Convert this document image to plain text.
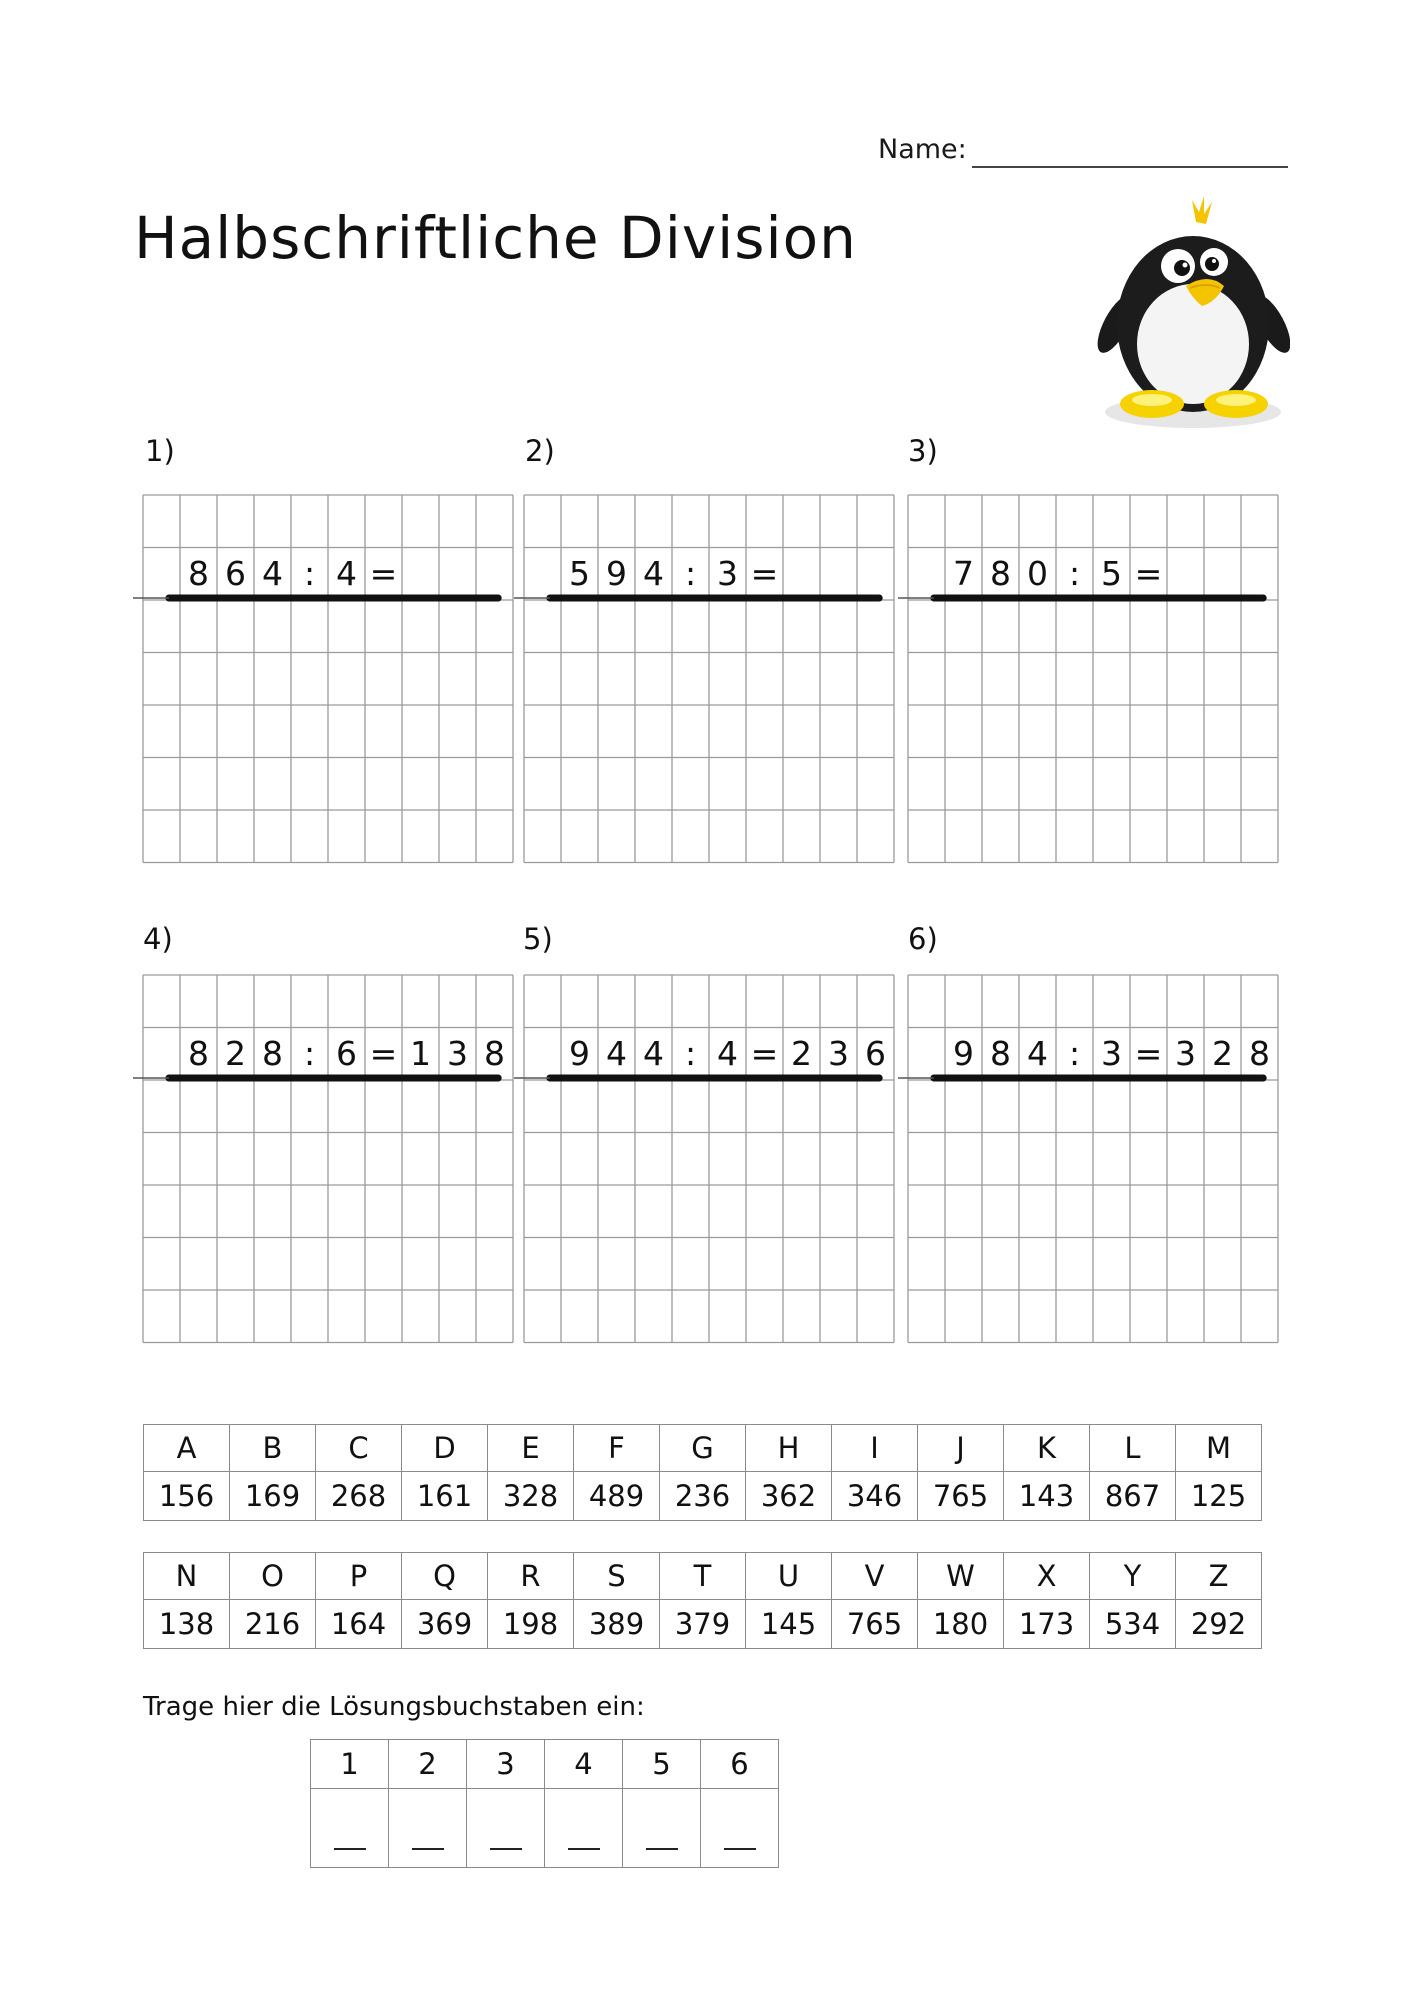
Name:
Halbschriftliche Division
1)	2)	3)
4)	5)	6)
8 6 4 : 4 =	5 9 4 : 3 =	7 8 0 : 5 =
8 2 8 : 6 = 1 3 8 9 4 4 : 4 = 2 3 6 9 8 4 : 3 = 3 2 8
A	B	C	D	E	F	G	H	I	J	K	L	M
156	169	268	161	328	489	236	362	346	765	143	867	125
N	O	P	Q	R	S	T	U	V	W	X	Y	Z
138	216	164	369	198	389	379	145	765	180	173	534	292
Trage hier die Lösungsbuchstaben ein:
1	2	3	4	5	6
